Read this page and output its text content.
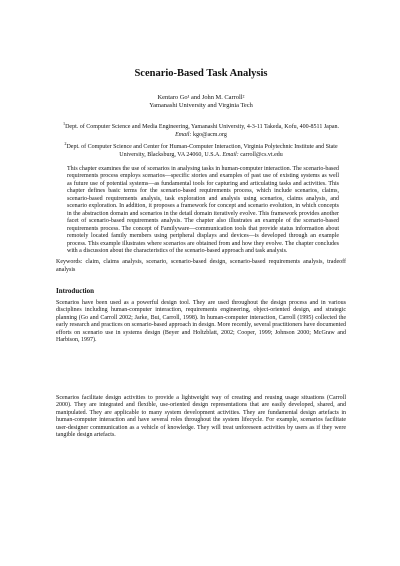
Scenario-Based Task Analysis
Kentaro Go¹ and John M. Carroll²
Yamanashi University and Virginia Tech
$^1$Dept. of Computer Science and Media Engineering, Yamanashi University, 4-3-11 Takeda, Kofu, 400-8511 Japan. Email: kgo@acm.org
$^2$Dept. of Computer Science and Center for Human-Computer Interaction, Virginia Polytechnic Institute and State University, Blacksburg, VA 24060, U.S.A. Email: carroll@cs.vt.edu

This chapter examines the use of scenarios in analysing tasks in human-computer interaction. The scenario-based requirements process employs scenarios—specific stories and examples of past use of existing systems as well as future use of potential systems—as fundamental tools for capturing and articulating tasks and activities. This chapter defines basic terms for the scenario-based requirements process, which include scenarios, claims, scenario-based requirements analysis, task exploration and analysis using scenarios, claims analysis, and scenario exploration. In addition, it proposes a framework for concept and scenario evolution, in which concepts in the abstraction domain and scenarios in the detail domain iteratively evolve. This framework provides another facet of scenario-based requirements analysis. The chapter also illustrates an example of the scenario-based requirements process. The concept of Familyware—communication tools that provide status information about remotely located family members using peripheral displays and devices—is developed through an example process. This example illustrates where scenarios are obtained from and how they evolve. The chapter concludes with a discussion about the characteristics of the scenario-based approach and task analysis.

Keywords: claim, claims analysis, scenario, scenario-based design, scenario-based requirements analysis, tradeoff analysis

Introduction

Scenarios have been used as a powerful design tool. They are used throughout the design process and in various disciplines including human-computer interaction, requirements engineering, object-oriented design, and strategic planning (Go and Carroll 2002; Jarke, Bui, Carroll, 1998). In human-computer interaction, Carroll (1995) collected the early research and practices on scenario-based approach in design. More recently, several practitioners have documented efforts on scenario use in systems design (Beyer and Holtzblatt, 2002; Cooper, 1999; Johnson 2000; McGraw and Harbison, 1997).

Scenarios facilitate design activities to provide a lightweight way of creating and reusing usage situations (Carroll 2000). They are integrated and flexible, use-oriented design representations that are easily developed, shared, and manipulated. They are applicable to many system development activities. They are fundamental design artefacts in human-computer interaction and have several roles throughout the system lifecycle. For example, scenarios facilitate user-designer communication as a vehicle of knowledge. They will treat unforeseen activities by users as if they were tangible design artefacts.
